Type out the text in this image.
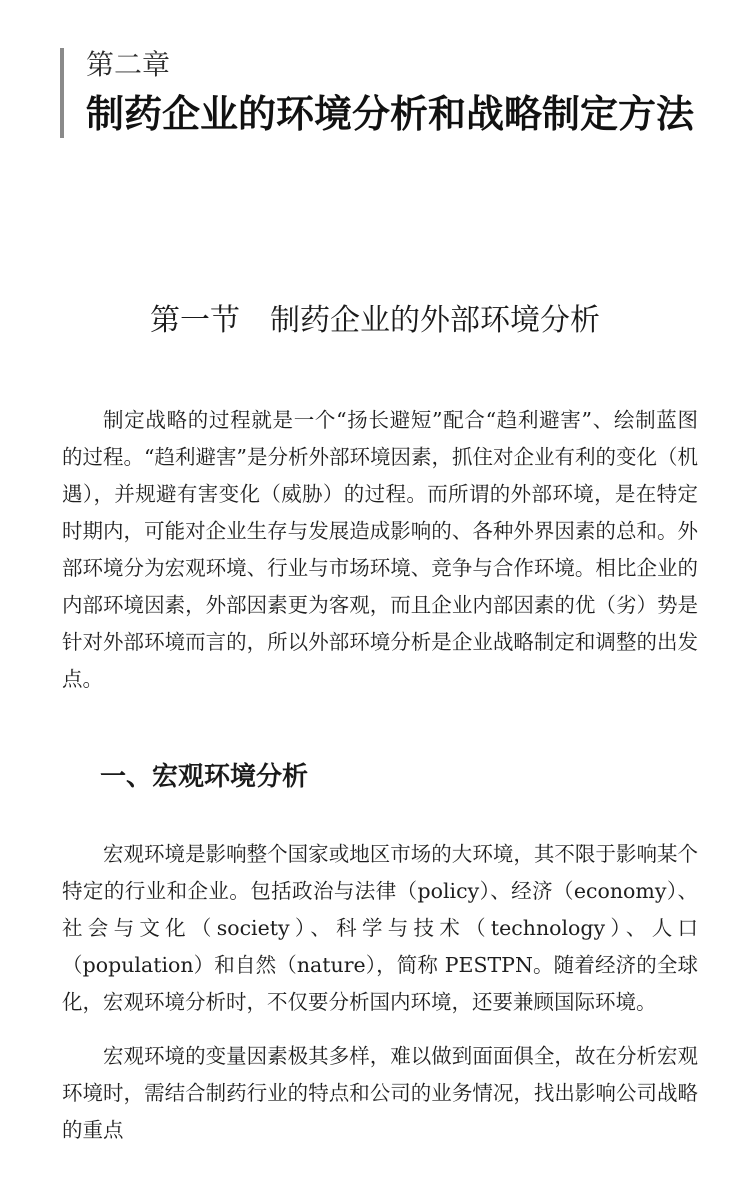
第二章
制药企业的环境分析和战略制定方法
第一节　制药企业的外部环境分析

制定战略的过程就是一个“扬长避短”配合“趋利避害”、绘制蓝图的过程。“趋利避害”是分析外部环境因素，抓住对企业有利的变化（机遇），并规避有害变化（威胁）的过程。而所谓的外部环境，是在特定时期内，可能对企业生存与发展造成影响的、各种外界因素的总和。外部环境分为宏观环境、行业与市场环境、竞争与合作环境。相比企业的内部环境因素，外部因素更为客观，而且企业内部因素的优（劣）势是针对外部环境而言的，所以外部环境分析是企业战略制定和调整的出发点。

一、宏观环境分析

宏观环境是影响整个国家或地区市场的大环境，其不限于影响某个特定的行业和企业。包括政治与法律（policy）、经济（economy）、社会与文化（society）、科学与技术（technology）、人口（population）和自然（nature），简称 PESTPN。随着经济的全球化，宏观环境分析时，不仅要分析国内环境，还要兼顾国际环境。

宏观环境的变量因素极其多样，难以做到面面俱全，故在分析宏观环境时，需结合制药行业的特点和公司的业务情况，找出影响公司战略的重点
